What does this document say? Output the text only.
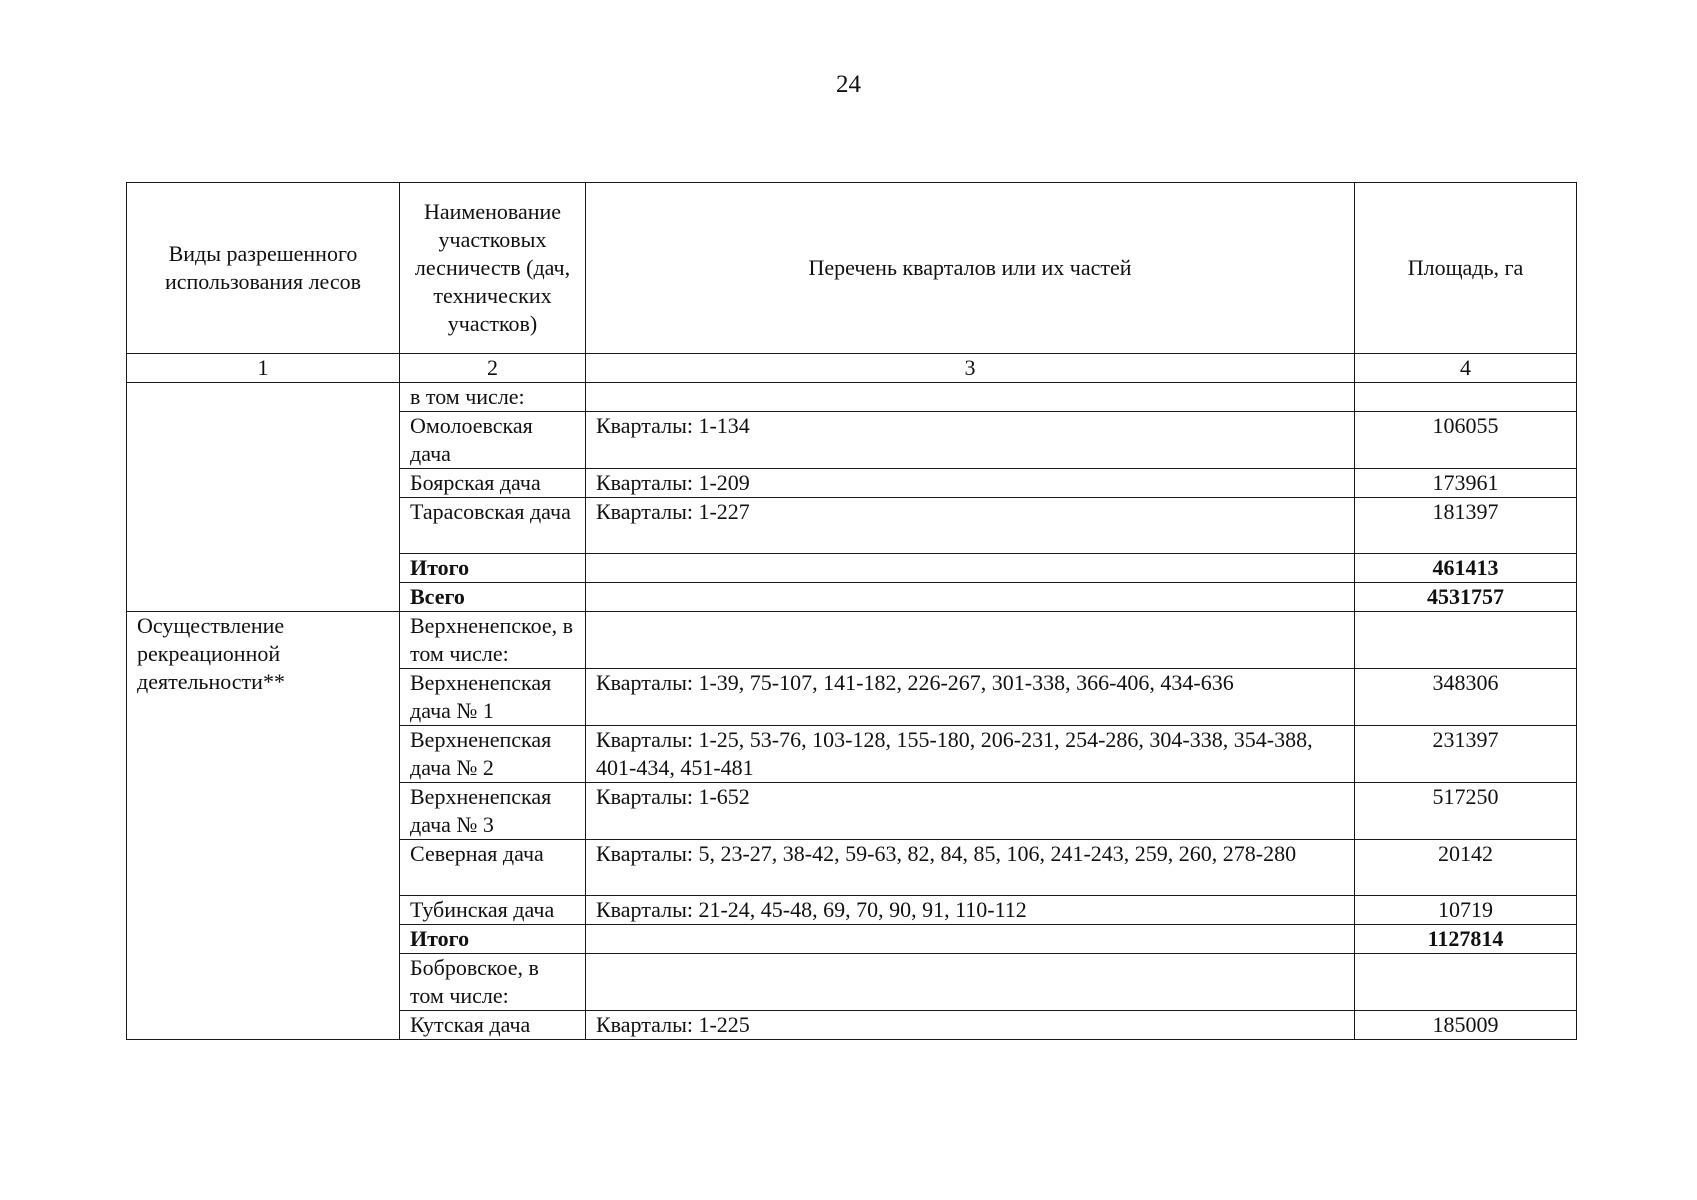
24
Виды разрешенного использования лесов	Наименование участковых лесничеств (дач, технических участков)	Перечень кварталов или их частей	Площадь, га
1	2	3	4
	в том числе:		
	Омолоевская дача	Кварталы: 1-134	106055
	Боярская дача	Кварталы: 1-209	173961
	Тарасовская дача	Кварталы: 1-227	181397
	Итого		461413
	Всего		4531757
Осуществление рекреационной деятельности**	Верхненепское, в том числе:		
	Верхненепская дача № 1	Кварталы: 1-39, 75-107, 141-182, 226-267, 301-338, 366-406, 434-636	348306
	Верхненепская дача № 2	Кварталы: 1-25, 53-76, 103-128, 155-180, 206-231, 254-286, 304-338, 354-388, 401-434, 451-481	231397
	Верхненепская дача № 3	Кварталы: 1-652	517250
	Северная дача	Кварталы: 5, 23-27, 38-42, 59-63, 82, 84, 85, 106, 241-243, 259, 260, 278-280	20142
	Тубинская дача	Кварталы: 21-24, 45-48, 69, 70, 90, 91, 110-112	10719
	Итого		1127814
	Бобровское, в том числе:		
	Кутская дача	Кварталы: 1-225	185009
